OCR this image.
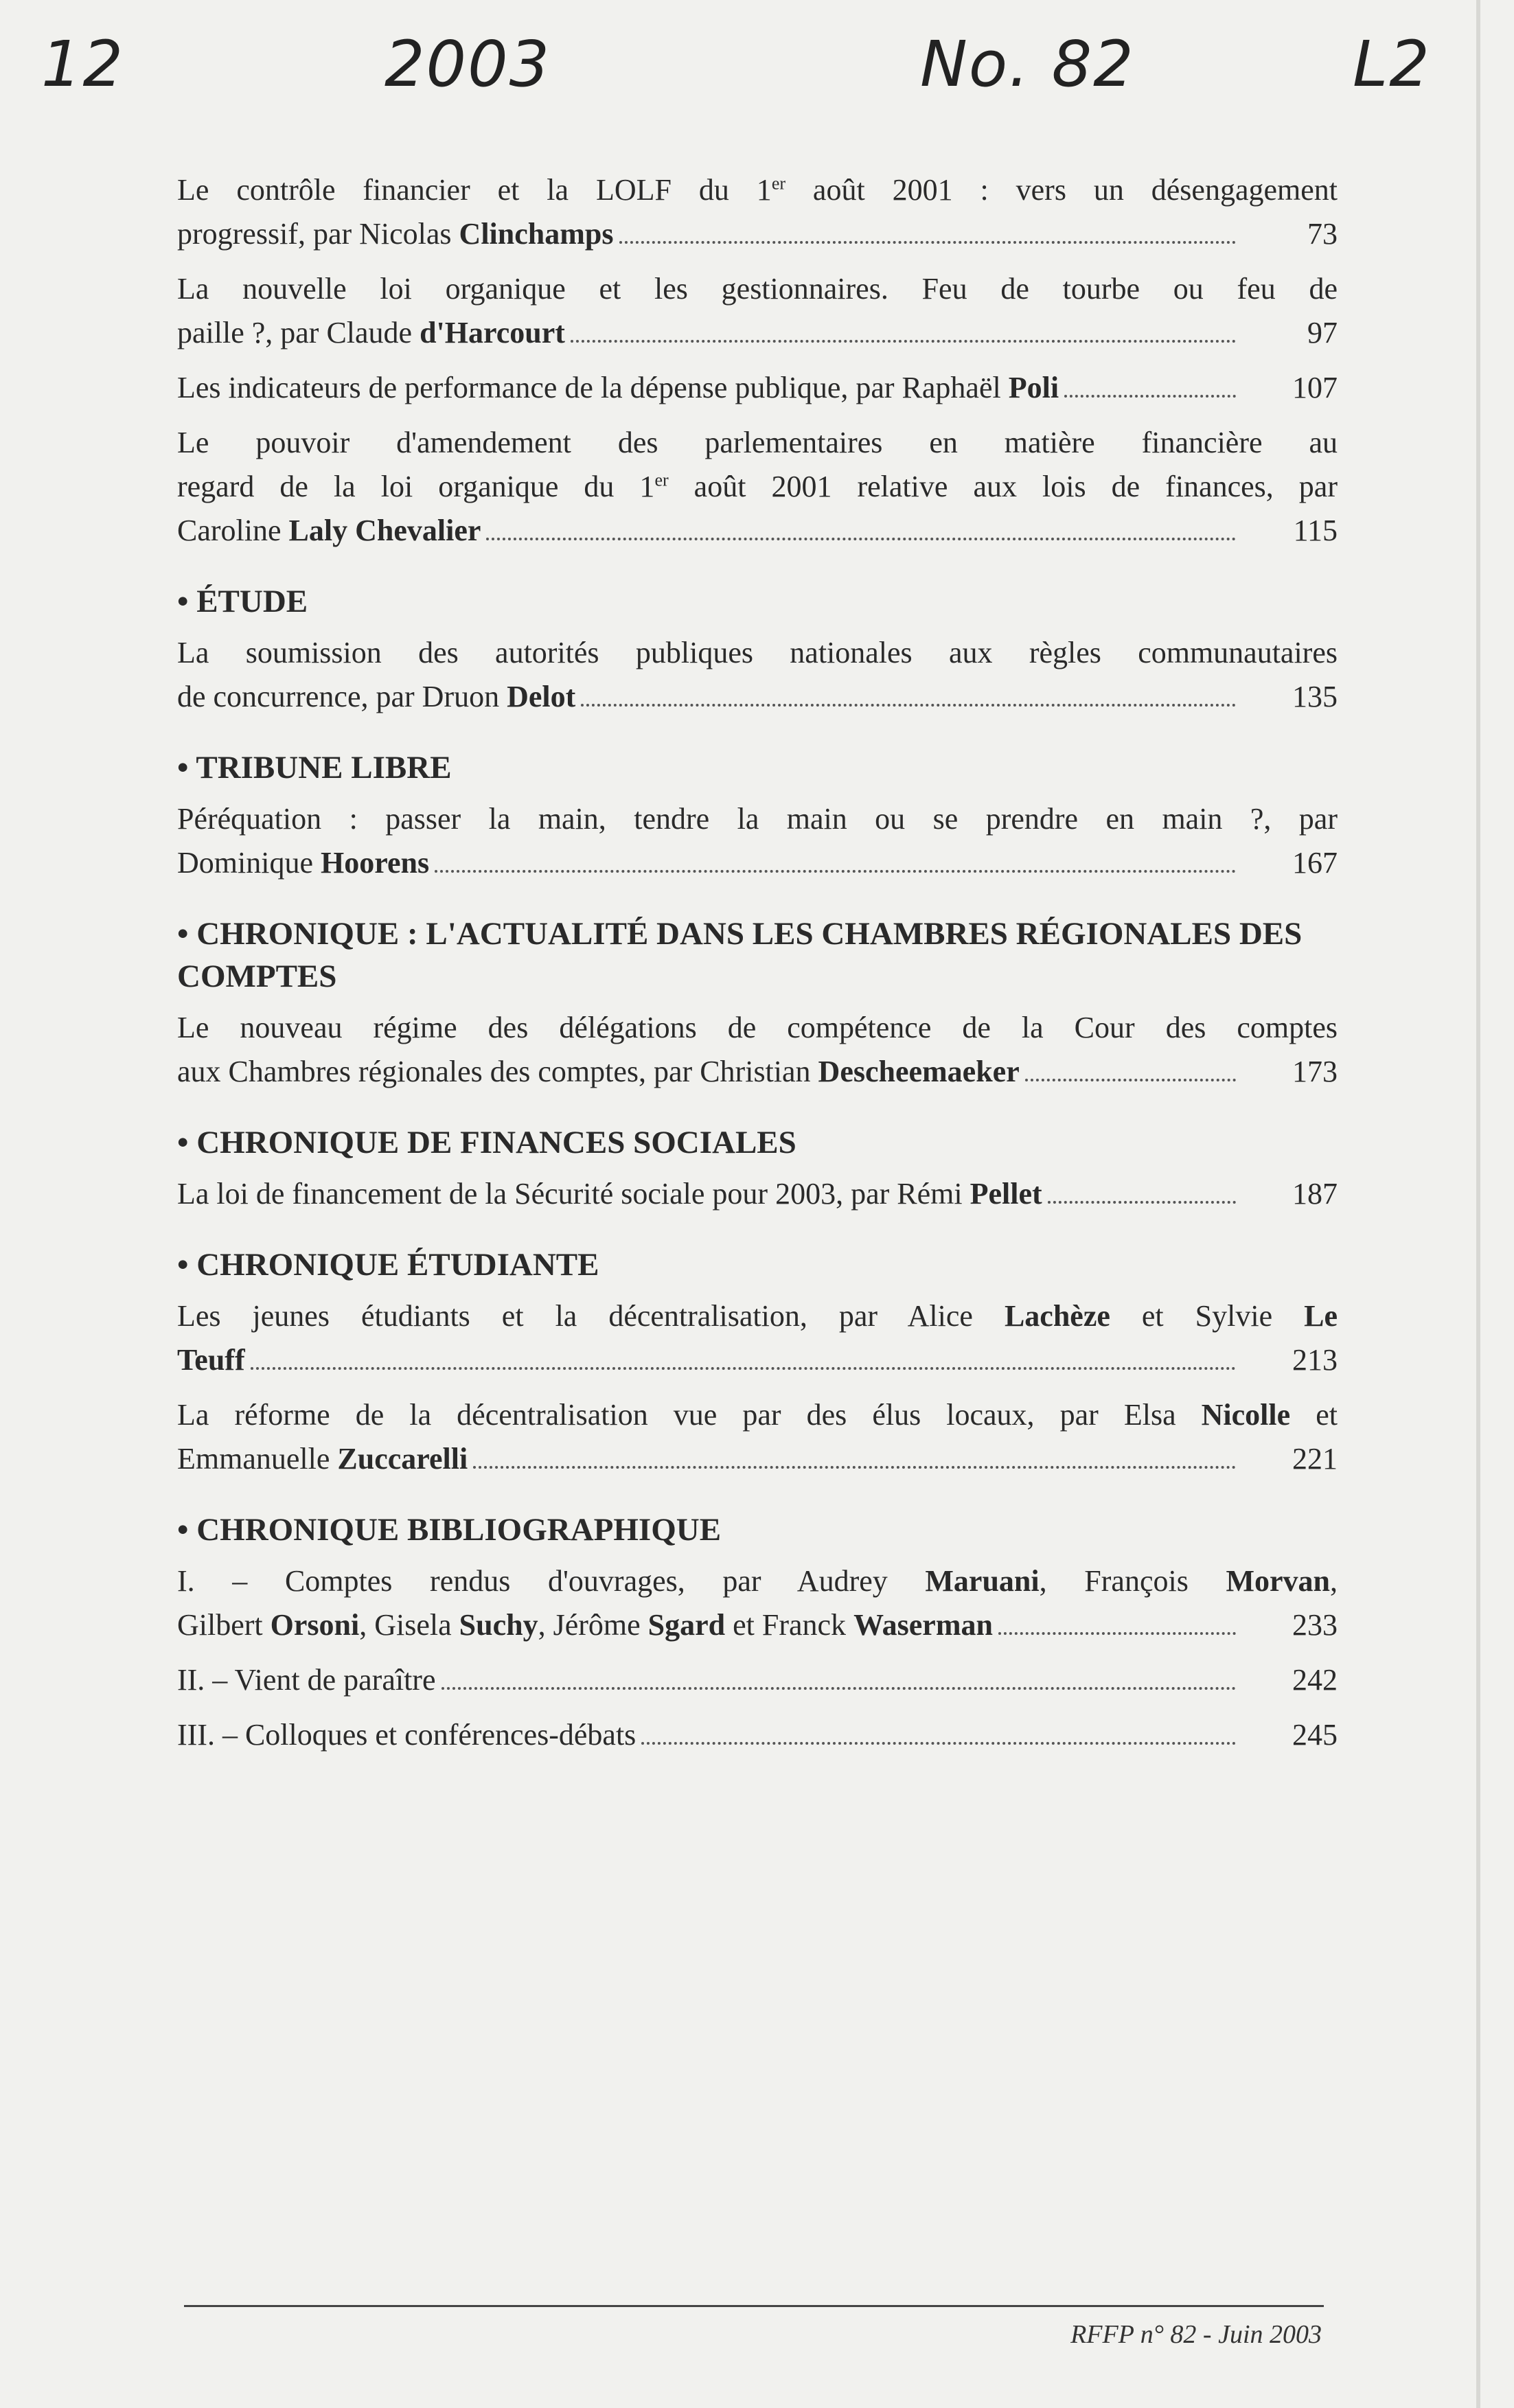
12	2003	No. 82	L2
Le contrôle financier et la LOLF du 1er août 2001 : vers un désengagement
progressif, par Nicolas Clinchamps	73
La nouvelle loi organique et les gestionnaires. Feu de tourbe ou feu de
paille ?, par Claude d'Harcourt	97
Les indicateurs de performance de la dépense publique, par Raphaël Poli	107
Le pouvoir d'amendement des parlementaires en matière financière au
regard de la loi organique du 1er août 2001 relative aux lois de finances, par
Caroline Laly Chevalier	115
• ÉTUDE
La soumission des autorités publiques nationales aux règles communautaires
de concurrence, par Druon Delot	135
• TRIBUNE LIBRE
Péréquation : passer la main, tendre la main ou se prendre en main ?, par
Dominique Hoorens	167
• CHRONIQUE : L'ACTUALITÉ DANS LES CHAMBRES RÉGIONALES DES COMPTES
Le nouveau régime des délégations de compétence de la Cour des comptes
aux Chambres régionales des comptes, par Christian Descheemaeker	173
• CHRONIQUE DE FINANCES SOCIALES
La loi de financement de la Sécurité sociale pour 2003, par Rémi Pellet	187
• CHRONIQUE ÉTUDIANTE
Les jeunes étudiants et la décentralisation, par Alice Lachèze et Sylvie Le
Teuff	213
La réforme de la décentralisation vue par des élus locaux, par Elsa Nicolle et
Emmanuelle Zuccarelli	221
• CHRONIQUE BIBLIOGRAPHIQUE
I. – Comptes rendus d'ouvrages, par Audrey Maruani, François Morvan,
Gilbert Orsoni, Gisela Suchy, Jérôme Sgard et Franck Waserman	233
II. – Vient de paraître	242
III. – Colloques et conférences-débats	245
RFFP n° 82 - Juin 2003
